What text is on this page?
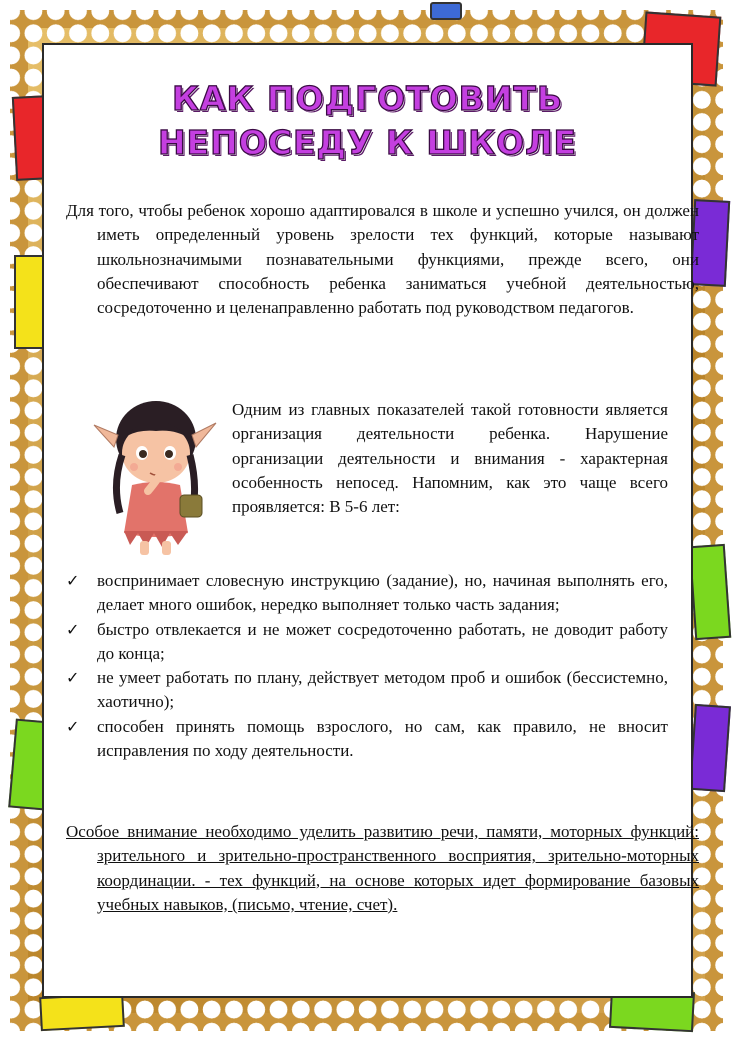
КАК ПОДГОТОВИТЬ
НЕПОСЕДУ К ШКОЛЕ

Для того, чтобы ребенок хорошо адаптировался в школе и успешно учился, он должен иметь определенный уровень зрелости тех функций, которые называют школьнозначимыми познавательными функциями, прежде всего, они обеспечивают способность ребенка заниматься учебной деятельностью, сосредоточенно и целенаправленно работать под руководством педагогов.

Одним из главных показателей такой готовности является организация деятельности ребенка. Нарушение организации деятельности и внимания - характерная особенность непосед. Напомним, как это чаще всего проявляется: В 5-6 лет:

✓ воспринимает словесную инструкцию (задание), но, начиная выполнять его, делает много ошибок, нередко выполняет только часть задания;
✓ быстро отвлекается и не может сосредоточенно работать, не доводит работу до конца;
✓ не умеет работать по плану, действует методом проб и ошибок (бессистемно, хаотично);
✓ способен принять помощь взрослого, но сам, как правило, не вносит исправления по ходу деятельности.

Особое внимание необходимо уделить развитию речи, памяти, моторных функций: зрительного и зрительно-пространственного восприятия, зрительно-моторных координации. - тех функций, на основе которых идет формирование базовых учебных навыков, (письмо, чтение, счет).
